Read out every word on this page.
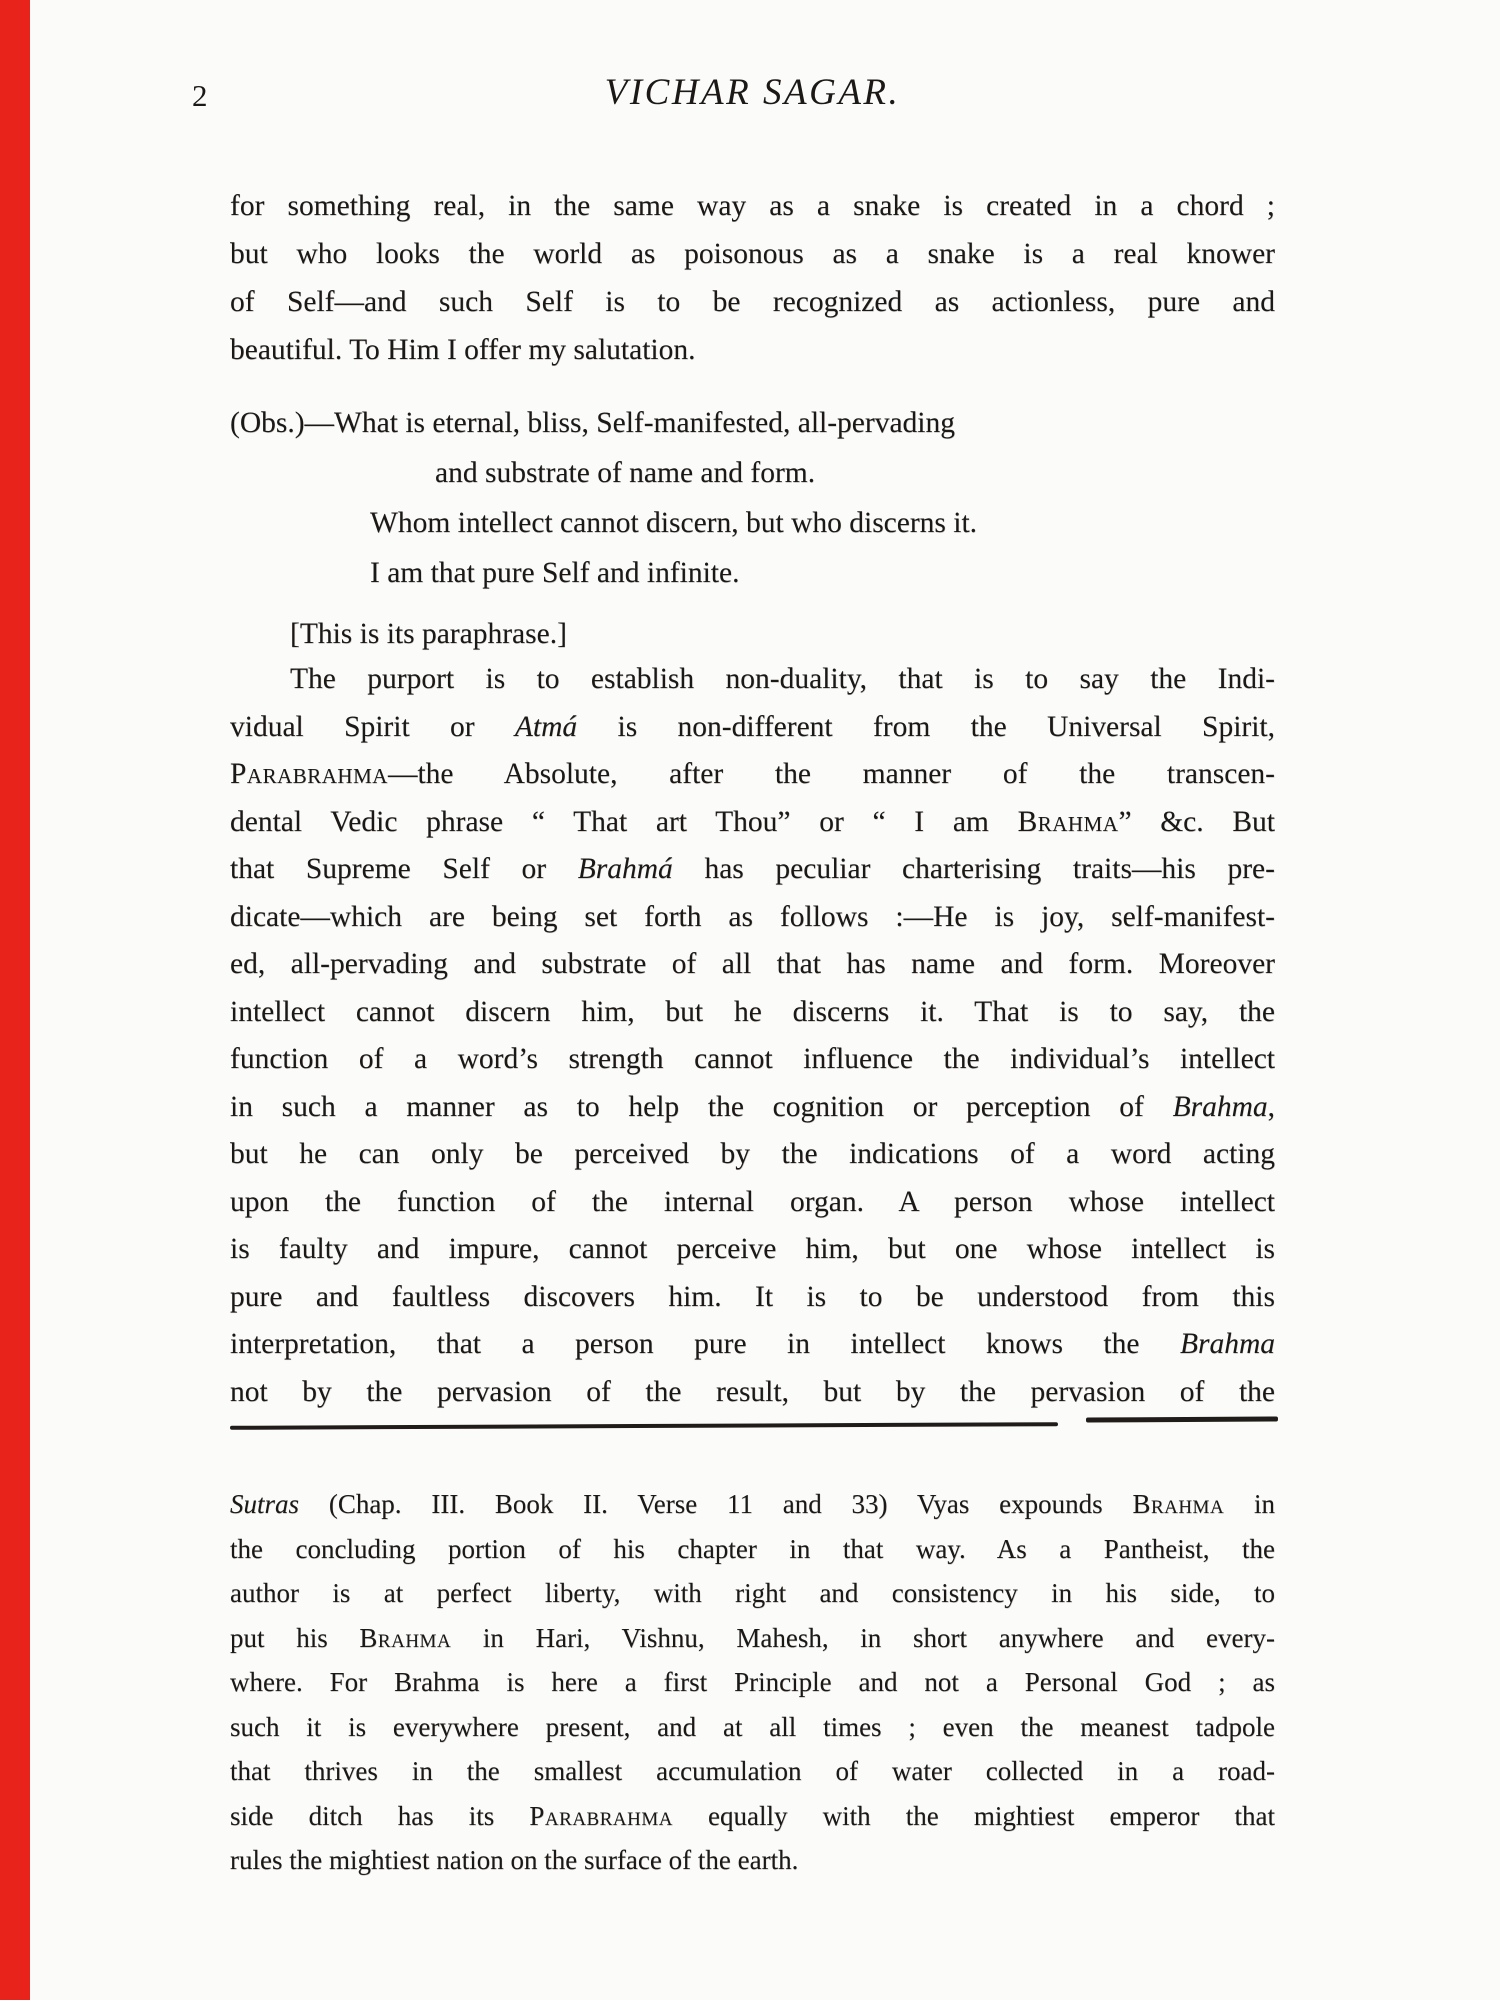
2	VICHAR SAGAR.
for something real, in the same way as a snake is created in a chord ;
but who looks the world as poisonous as a snake is a real knower
of Self—and such Self is to be recognized as actionless, pure and
beautiful. To Him I offer my salutation.
(Obs.)—What is eternal, bliss, Self-manifested, all-pervading
and substrate of name and form.
Whom intellect cannot discern, but who discerns it.
I am that pure Self and infinite.
[This is its paraphrase.]
The purport is to establish non-duality, that is to say the Indi-
vidual Spirit or Atmá is non-different from the Universal Spirit,
Parabrahma—the Absolute, after the manner of the transcen-
dental Vedic phrase “ That art Thou” or “ I am Brahma” &c. But
that Supreme Self or Brahmá has peculiar charterising traits—his pre-
dicate—which are being set forth as follows :—He is joy, self-manifest-
ed, all-pervading and substrate of all that has name and form. Moreover
intellect cannot discern him, but he discerns it. That is to say, the
function of a word’s strength cannot influence the individual’s intellect
in such a manner as to help the cognition or perception of Brahma,
but he can only be perceived by the indications of a word acting
upon the function of the internal organ. A person whose intellect
is faulty and impure, cannot perceive him, but one whose intellect is
pure and faultless discovers him. It is to be understood from this
interpretation, that a person pure in intellect knows the Brahma
not by the pervasion of the result, but by the pervasion of the
Sutras (Chap. III. Book II. Verse 11 and 33) Vyas expounds Brahma in
the concluding portion of his chapter in that way. As a Pantheist, the
author is at perfect liberty, with right and consistency in his side, to
put his Brahma in Hari, Vishnu, Mahesh, in short anywhere and every-
where. For Brahma is here a first Principle and not a Personal God ; as
such it is everywhere present, and at all times ; even the meanest tadpole
that thrives in the smallest accumulation of water collected in a road-
side ditch has its Parabrahma equally with the mightiest emperor that
rules the mightiest nation on the surface of the earth.
